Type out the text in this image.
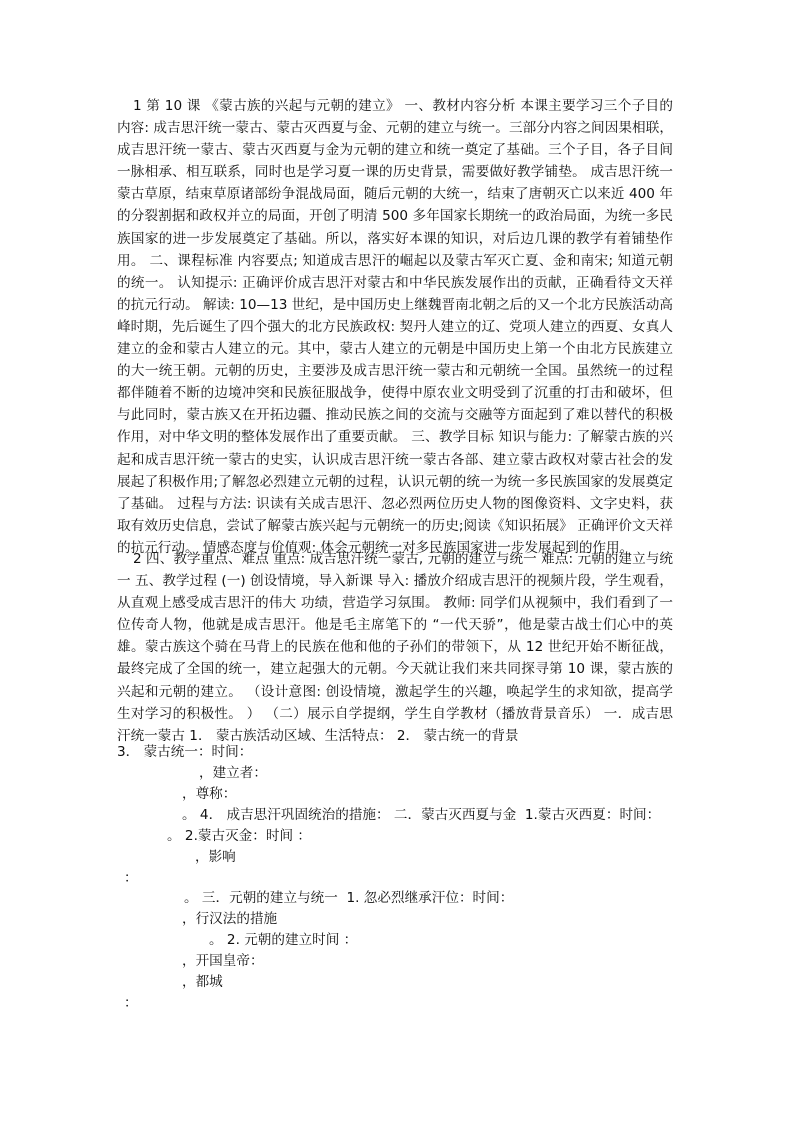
1 第 10 课 《蒙古族的兴起与元朝的建立》 一、教材内容分析 本课主要学习三个子目的内容: 成吉思汗统一蒙古、蒙古灭西夏与金、元朝的建立与统一。三部分内容之间因果相联，成吉思汗统一蒙古、蒙古灭西夏与金为元朝的建立和统一奠定了基础。三个子目，各子目间一脉相承、相互联系，同时也是学习夏一课的历史背景，需要做好教学铺垫。 成吉思汗统一蒙古草原，结束草原诸部纷争混战局面，随后元朝的大统一，结束了唐朝灭亡以来近 400 年的分裂割据和政权并立的局面，开创了明清 500 多年国家长期统一的政治局面，为统一多民族国家的进一步发展奠定了基础。所以，落实好本课的知识，对后边几课的教学有着铺垫作用。 二、课程标准 内容要点; 知道成吉思汗的崛起以及蒙古军灭亡夏、金和南宋; 知道元朝的统一。 认知提示: 正确评价成吉思汗对蒙古和中华民族发展作出的贡献，正确看待文天祥的抗元行动。 解读: 10—13 世纪，是中国历史上继魏晋南北朝之后的又一个北方民族活动高峰时期，先后诞生了四个强大的北方民族政权: 契丹人建立的辽、党项人建立的西夏、女真人建立的金和蒙古人建立的元。其中，蒙古人建立的元朝是中国历史上第一个由北方民族建立的大一统王朝。元朝的历史，主要涉及成吉思汗统一蒙古和元朝统一全国。虽然统一的过程都伴随着不断的边境冲突和民族征服战争，使得中原农业文明受到了沉重的打击和破坏，但与此同时，蒙古族又在开拓边疆、推动民族之间的交流与交融等方面起到了难以替代的积极作用，对中华文明的整体发展作出了重要贡献。 三、教学目标 知识与能力: 了解蒙古族的兴起和成吉思汗统一蒙古的史实，认识成吉思汗统一蒙古各部、建立蒙古政权对蒙古社会的发展起了积极作用;了解忽必烈建立元朝的过程，认识元朝的统一为统一多民族国家的发展奠定了基础。 过程与方法: 识读有关成吉思汗、忽必烈两位历史人物的图像资料、文字史料，获取有效历史信息，尝试了解蒙古族兴起与元朝统一的历史;阅读《知识拓展》 正确评价文天祥的抗元行动。 情感态度与价值观: 体会元朝统一对多民族国家进一步发展起到的作用。

2 四、教学重点、难点 重点: 成吉思汗统一蒙古, 元朝的建立与统一 难点: 元朝的建立与统一 五、教学过程 (一) 创设情境，导入新课 导入: 播放介绍成吉思汗的视频片段，学生观看，从直观上感受成吉思汗的伟大 功绩，营造学习氛围。 教师: 同学们从视频中，我们看到了一位传奇人物，他就是成吉思汗。他是毛主席笔下的 “一代天骄”，他是蒙古战士们心中的英雄。蒙古族这个骑在马背上的民族在他和他的子孙们的带领下，从 12 世纪开始不断征战，最终完成了全国的统一，建立起强大的元朝。今天就让我们来共同探寻第 10 课，蒙古族的兴起和元朝的建立。 （设计意图: 创设情境，激起学生的兴趣，唤起学生的求知欲，提高学生对学习的积极性。 ） （二）展示自学提纲，学生自学教材（播放背景音乐） 一．成吉思汗统一蒙古 1． 蒙古族活动区域、生活特点： 2． 蒙古统一的背景

3． 蒙古统一：时间：
，建立者：
，尊称：
。 4． 成吉思汗巩固统治的措施： 二．蒙古灭西夏与金  1.蒙古灭西夏：时间：
。 2.蒙古灭金：时间 ：
，影响
：
。 三．元朝的建立与统一  1. 忽必烈继承汗位：时间：
，行汉法的措施
。 2. 元朝的建立时间 ：
，开国皇帝：
，都城
：
